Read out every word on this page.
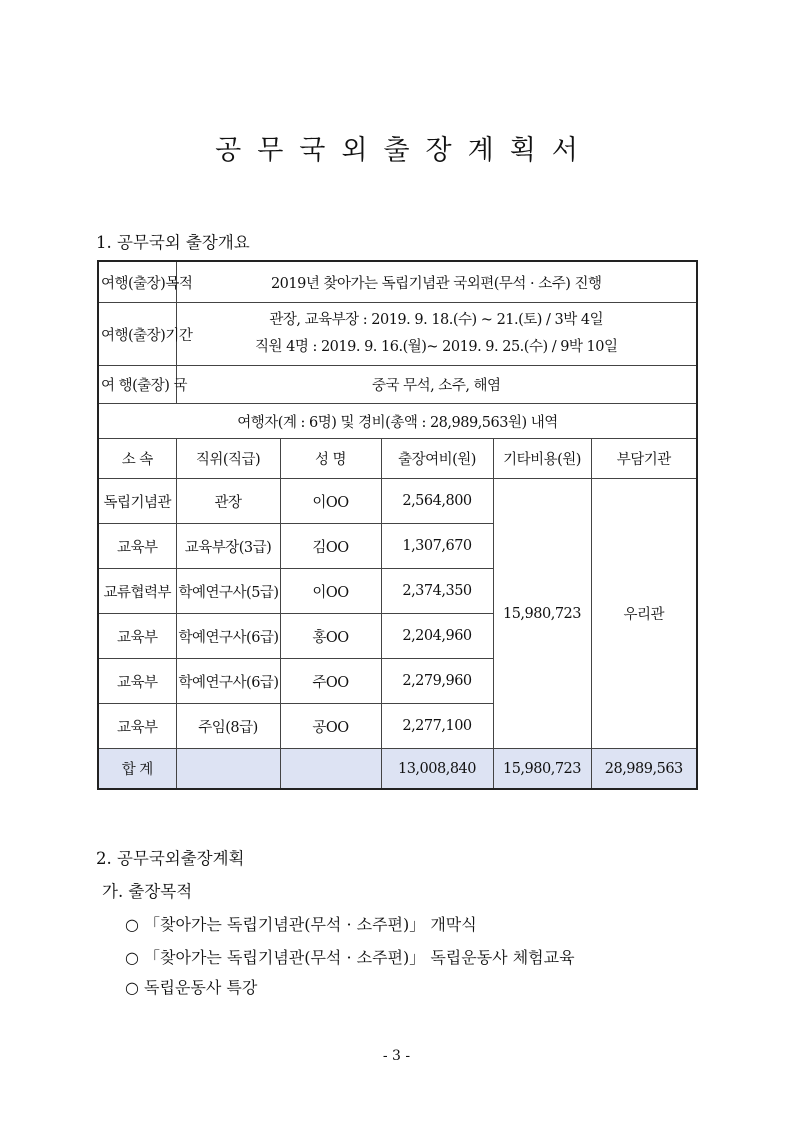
공무국외출장계획서
1. 공무국외 출장개요
여행(출장)목적	2019년 찾아가는 독립기념관 국외편(무석 · 소주) 진행				
여행(출장)기간	관장, 교육부장 : 2019. 9. 18.(수) ~ 21.(토) / 3박 4일
직원 4명 : 2019. 9. 16.(월)~ 2019. 9. 25.(수) / 9박 10일				

여 행(출장) 국	중국 무석, 소주, 해염				
여행자(계 : 6명) 및 경비(총액 : 28,989,563원) 내역					
소 속	직위(직급)	성 명	출장여비(원)	기타비용(원)	부담기관
독립기념관	관장	이OO	2,564,800	15,980,723	우리관
교육부	교육부장(3급)	김OO	1,307,670		
교류협력부	학예연구사(5급)	이OO	2,374,350		
교육부	학예연구사(6급)	홍OO	2,204,960		
교육부	학예연구사(6급)	주OO	2,279,960		
교육부	주임(8급)	공OO	2,277,100		
합 계			13,008,840	15,980,723	28,989,563
2. 공무국외출장계획
가. 출장목적
○ 「찾아가는 독립기념관(무석 · 소주편)」 개막식
○ 「찾아가는 독립기념관(무석 · 소주편)」 독립운동사 체험교육
○ 독립운동사 특강
- 3 -
